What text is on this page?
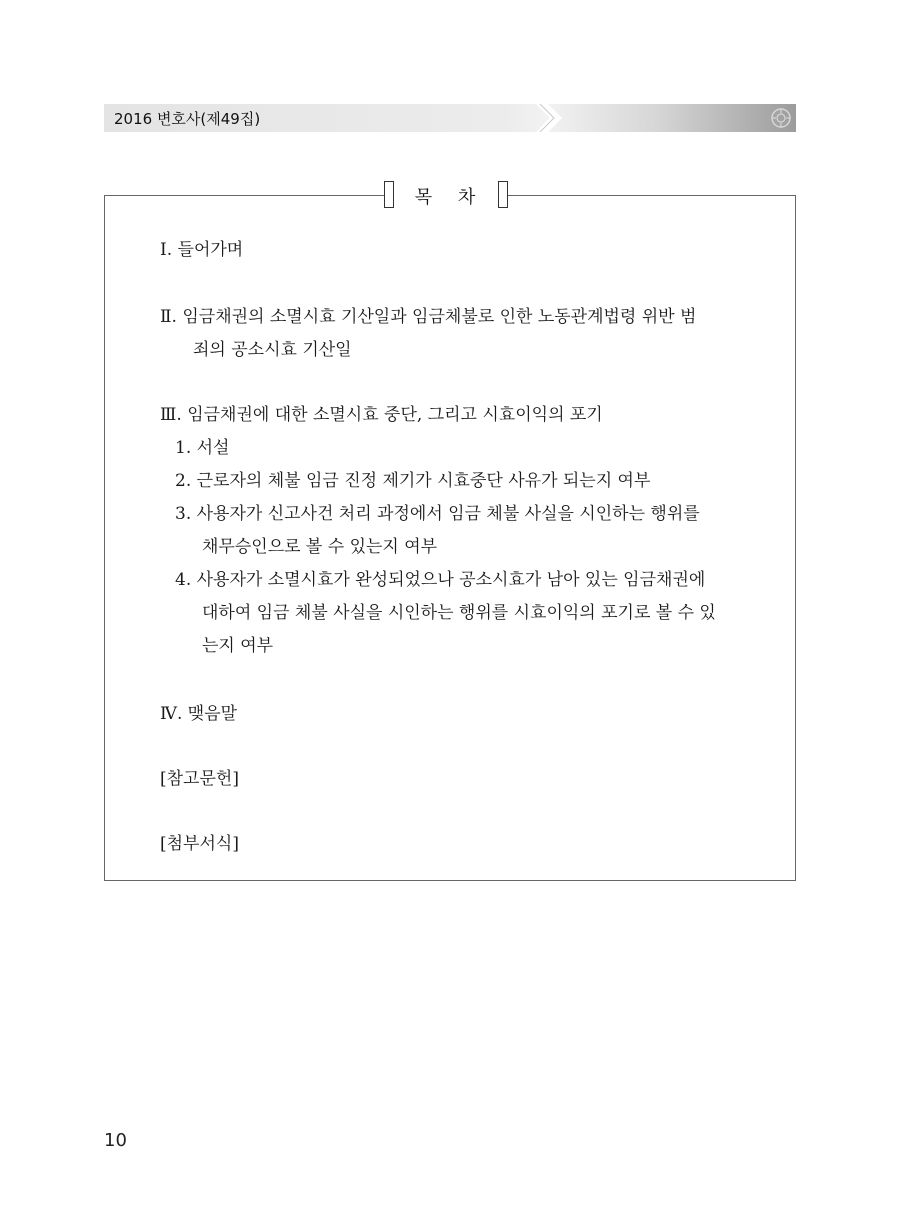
2016 변호사(제49집)
목 차
Ⅰ. 들어가며
Ⅱ. 임금채권의 소멸시효 기산일과 임금체불로 인한 노동관계법령 위반 범
죄의 공소시효 기산일
Ⅲ. 임금채권에 대한 소멸시효 중단, 그리고 시효이익의 포기
1. 서설
2. 근로자의 체불 임금 진정 제기가 시효중단 사유가 되는지 여부
3. 사용자가 신고사건 처리 과정에서 임금 체불 사실을 시인하는 행위를
채무승인으로 볼 수 있는지 여부
4. 사용자가 소멸시효가 완성되었으나 공소시효가 남아 있는 임금채권에
대하여 임금 체불 사실을 시인하는 행위를 시효이익의 포기로 볼 수 있
는지 여부
Ⅳ. 맺음말
[참고문헌]
[첨부서식]
10
